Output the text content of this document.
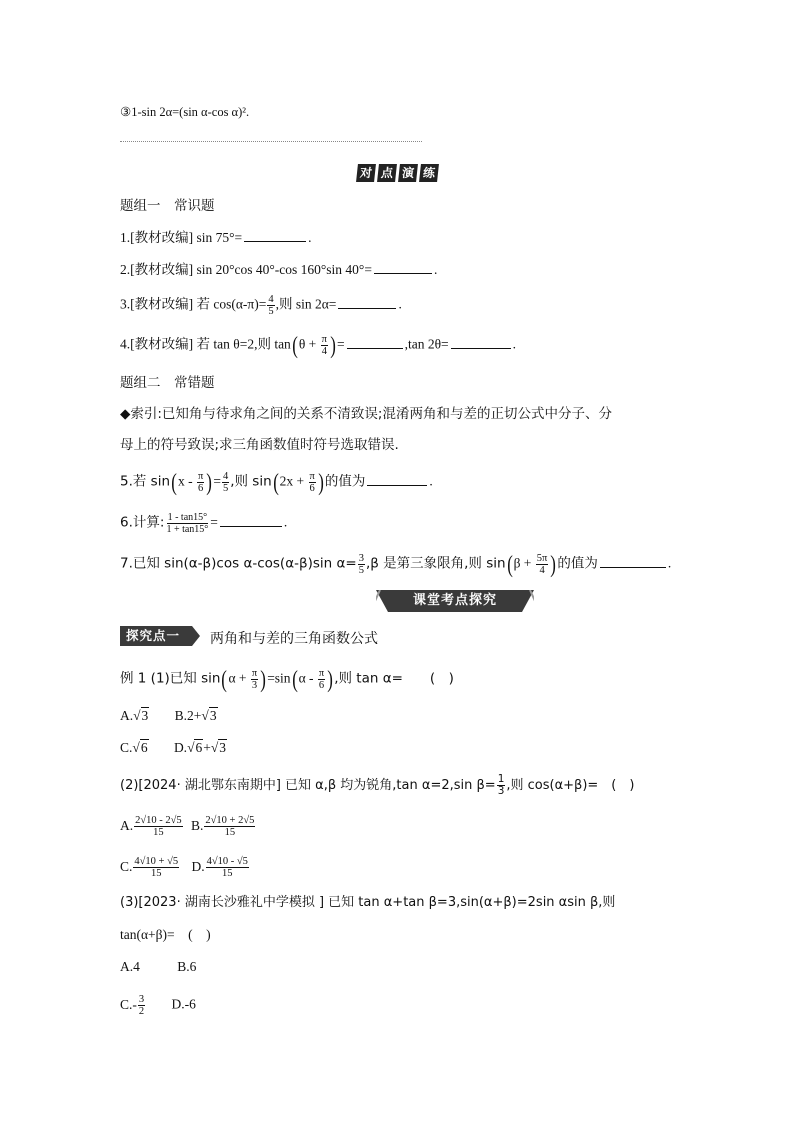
③1-sin 2α=(sin α-cos α)².
对 点 演 练
题组一　常识题
1.[教材改编] sin 75°=	.
2.[教材改编] sin 20°cos 40°-cos 160°sin 40°=	.
3.[教材改编] 若 $\cos(\alpha-\pi)= \frac{4}{5}$ ,则 sin 2α=	.
4.[教材改编] 若 tan θ=2,则 $\tan(\theta + \frac{\pi}{4}$ )=	,tan 2θ=	.
题组二　常错题
◆索引:已知角与待求角之间的关系不清致误;混淆两角和与差的正切公式中分子、分
母上的符号致误;求三角函数值时符号选取错误.
5.若 $\sin(x - \frac{\pi}{6}$ )= $\frac{4}{5}$ ,则 $\sin(2x + \frac{\pi}{6}$ )的值为	.
6.计算: $\frac{1 - \tan 15^\circ}{1 + \tan 15^\circ}$ =	.
7.已知 sin(α-β)cos α-cos(α-β)sin $\alpha= \frac{3}{5} ,\beta$ 是第三象限角,则 $\sin(\beta + \frac{5\pi}{4}$ )的值为	.
课堂考点探究
探究点一 两角和与差的三角函数公式
例 1 (1)已知 $\sin(\alpha + \frac{\pi}{3} )=\sin(\alpha - \frac{\pi}{6}$ ),则 tan α=　　(　)
A.√3 B.2+√3
C.√6 D.√6+√3
(2)[2024· 湖北鄂东南期中] 已知 α,β 均为锐角,tan α=2,sin $\beta= \frac{1}{3}$ ,则 cos(α+β)=　(　)
A. $\frac{2√10 - 2√5}{15} B$. $\frac{2√10 + 2√5}{15}$
C. $\frac{4√10 + √5}{15} D$. $\frac{4√10 - √5}{15}$
(3)[2023· 湖南长沙雅礼中学模拟 ] 已知 tan α+tan β=3,sin(α+β)=2sin αsin β,则
tan(α+β)=　(　)
A.4	B.6
$C.- \frac{3}{2} D.-6$
